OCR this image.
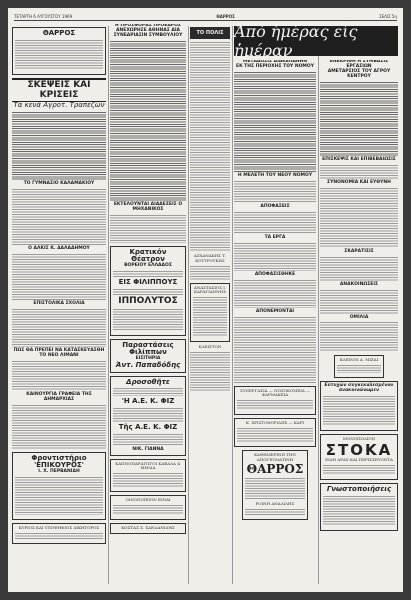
ΤΕΤΑΡΤΗ 6 ΑΥΓΟΥΣΤΟΥ 1969	ΘΑΡΡΟΣ	ΣΕΛΙΣ 5η
ΘΑΡΡΟΣ
ΣΚΕΨΕΙΣ ΚΑΙ ΚΡΙΣΕΙΣ
Τα κενά Αγροτ. Τραπεζών
ΤΟ ΓΥΜΝΑΣΙΟ ΚΑΛΑΜΑΚΙΟΥ
Ο ΑΛΚΙΣ Κ. ΔΑΛΑΔΗΜΟΥ
ΕΠΙΣΤΟΛΙΚΑ ΣΧΟΛΙΑ
ΠΩΣ ΘΑ ΠΡΕΠΕΙ ΝΑ ΚΑΤΑΣΚΕΥΑΣΘΗ ΤΟ ΝΕΟ ΛΙΜΑΝΙ
ΚΑΙΝΟΥΡΓΙΑ ΓΡΑΦΕΙΑ ΤΗΣ ΔΗΜΑΡΧΙΑΣ
Φροντιστήριο 'ΕΠΙΚΟΥΡΟΣ'
Ι. Χ. ΠΕΡΒΑΝΙΔΗ
ΚΥΡΙΟΣ ΚΑΙ ΥΠΟΨΗΦΙΟΣ ΔΙΚΗΓΟΡΟΣ
Η ΠΡΟΣΦΟΡΑΣ ΠΡΟΕΔΡΟΣ ΑΝΕΧΩΡΗΣΕ ΑΘΗΝΑΣ ΔΙΑ ΣΥΝΕΔΡΙΑΣΙΝ ΣΥΜΒΟΥΛΙΟΥ
ΕΚΤΕΛΟΥΝΤΑΙ ΔΙΑΔΕΣΕΙΣ Ο ΜΗΧΑΝΙΚΟΣ
Κρατικόν Θέατρον
ΒΟΡΕΙΟΥ ΕΛΛΑΔΟΣ
ΕΙΣ ΦΙΛΙΠΠΟΥΣ
ΙΠΠΟΛΥΤΟΣ
Παραστάσεις Φιλίππων
ΕΙΣΙΤΗΡΙΑ
Άντ. Παπαδόδης
Δροσοθῆτε
'Η Α.Ε. Κ. ΦΙΖ
Τῆς Α.Ε. Κ. ΦΙΖ
ΝΙΚ. ΓΙΑΝΝΑ
ΚΑΠΝΟΠΑΡΑΓΩΓΟΙ ΚΑΒΑΛΑ & ΜΗΛΙΑ
ΟΙΝΟΠΟΙΕΙΟΝ ΕΙΝΑΙ
ΚΩΣΤΑΣ Σ. ΣΑΝΔΑΝΙΔΗΣ
ΤΟ ΠΟΛΙΣ
ΑΣΧΑΝΑΚΗΣ Τ. ΚΟΥΤΡΟΥΚΗΣ
ΑΝΑΣΤΑΣΙΟΣ Ι. ΚΑΡΑΓΙΑΝΝΗΣ
ΚΛΕΙΣΤΟΝ
Ἀπὸ ἡμέρας εἰς ἡμέραν
ΜΕΤΑΔΟΣΙΣ ΔΙΑΚΕΛΑΝΗΝ
ΕΚ ΤΗΣ ΠΕΡΙΟΧΗΣ ΤΟΥ ΝΟΜΟΥ
Η ΜΕΛΕΤΗ ΤΟΥ ΝΕΟΥ ΝΟΜΟΥ
ΑΠΟΦΑΣΕΙΣ
ΤΑ ΕΡΓΑ
ΑΠΟΦΑΣΙΣΘΗΚΕ
ΑΠΟΝΕΜΟΝΤΑΙ
ΣΥΝΕΡΓΑΣΙΑ — ΝΟΣΟΚΟΜΕΙΑ — ΦΑΡΜΑΚΕΙΑ
Κ. ΧΡΙΣΤΟΦΟΡΙΔΗΣ — ΚΑΡΙ
ΚΑΘΗΜΕΡΙΝΗ ΤΗΝ ΑΠΟΓΕΥΜΑΤΙΝΗ
ΘΑΡΡΟΣ
ΡΟΙΝΗ ΑΝΑΛΙΛΗΣ
ΕΝΕΚΡΙΘΗ Η ΣΥΜΒΑΣΙΣ ΕΡΓΑΣΙΩΝ
ΑΜΕΤΑΡΣΙΟΣ ΤΟΥ ΑΓΡΟΥ ΚΕΝΤΡΟΥ
ΕΠΙΣΚΕΨΙΣ ΚΑΙ ΕΠΙΒΕΒΑΙΩΣΙΣ
ΣΥΝΟΝΟΜΙΑ ΚΑΙ ΕΥΘΥΝΗ
ΣΚΑΡΑΤΙΣΙΣ
ΑΝΑΚΟΙΝΩΣΕΙΣ
ΟΜΙΛΙΑ
ΚΛΕΙΝΟΙ Α. ΜΙΖΑΙ
Εὐτυχῶν συγκεκαλεσμένου
ἀνακοινώνωμεν
ΜΟΝΟΠΩΛΙΟΝ
ΣΤΟΚΑ
ΕΙΔΗ ΑΡΑΣ ΚΑΙ ΠΕΡΙΣΣΕΥΟΝΤΑ
Γνωστοποιήσεις
